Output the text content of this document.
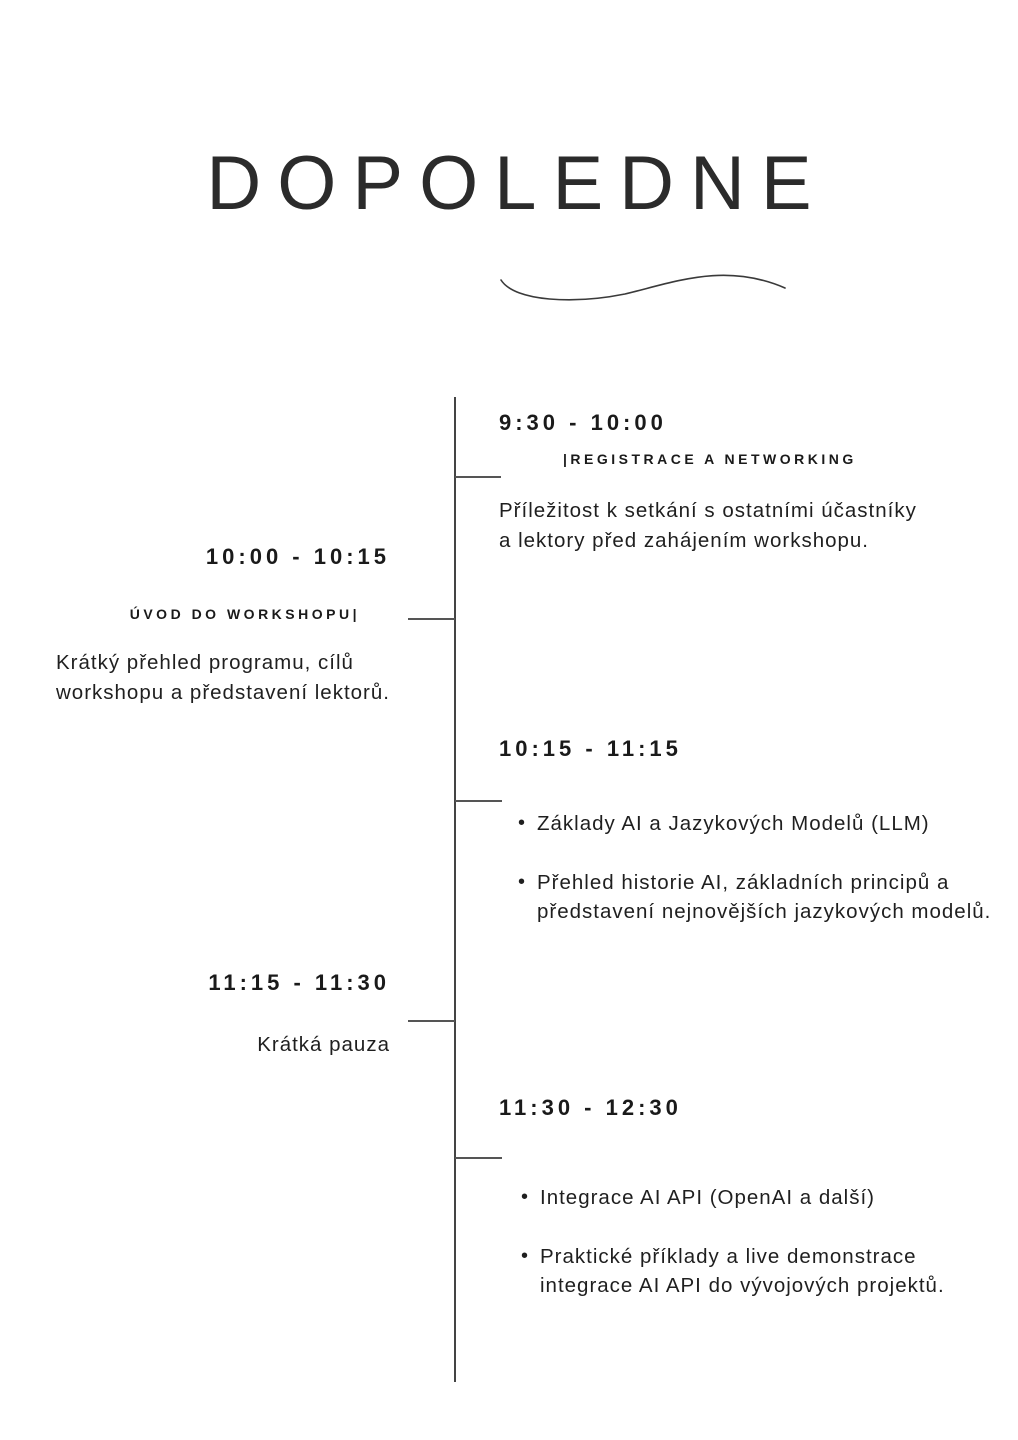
DOPOLEDNE
9:30 - 10:00
|REGISTRACE A NETWORKING
Příležitost k setkání s ostatními účastníky a lektory před zahájením workshopu.
10:00 - 10:15
ÚVOD DO WORKSHOPU|
Krátký přehled programu, cílů workshopu a představení lektorů.
10:15 - 11:15
• Základy AI a Jazykových Modelů (LLM)
• Přehled historie AI, základních principů a představení nejnovějších jazykových modelů.
11:15 - 11:30
Krátká pauza
11:30 - 12:30
• Integrace AI API (OpenAI a další)
• Praktické příklady a live demonstrace integrace AI API do vývojových projektů.
